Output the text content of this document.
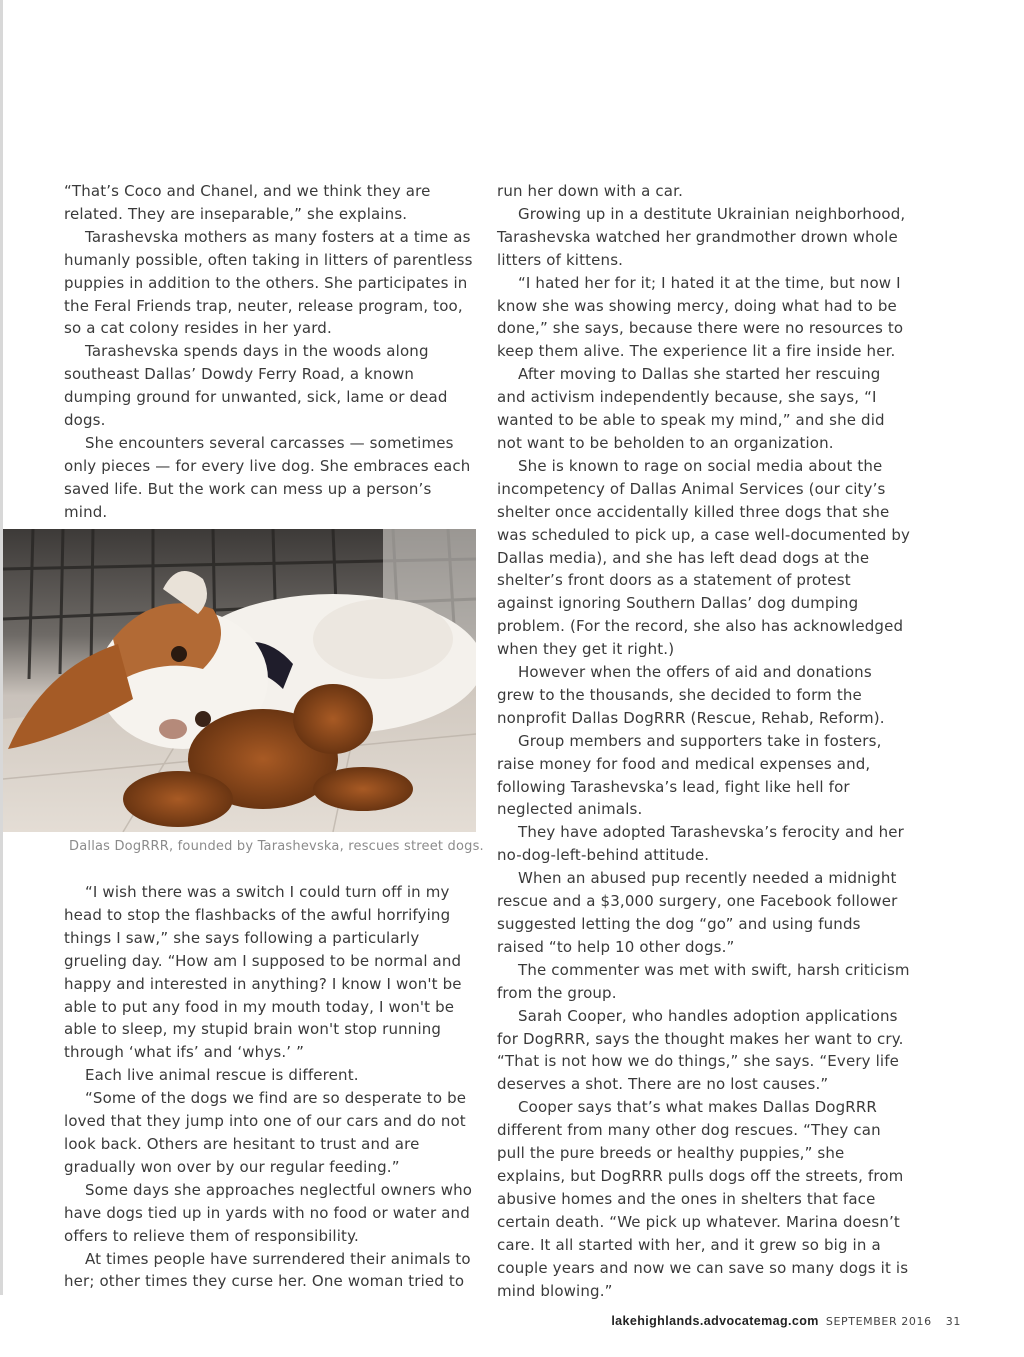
“That’s Coco and Chanel, and we think they are related. They are inseparable,” she explains.

Tarashevska mothers as many fosters at a time as humanly possible, often taking in litters of parentless puppies in addition to the others. She participates in the Feral Friends trap, neuter, release program, too, so a cat colony resides in her yard.

Tarashevska spends days in the woods along southeast Dallas’ Dowdy Ferry Road, a known dumping ground for unwanted, sick, lame or dead dogs.

She encounters several carcasses — sometimes only pieces — for every live dog. She embraces each saved life. But the work can mess up a person’s mind.

Dallas DogRRR, founded by Tarashevska, rescues street dogs.

“I wish there was a switch I could turn off in my head to stop the flashbacks of the awful horrifying things I saw,” she says following a particularly grueling day. “How am I supposed to be normal and happy and interested in anything? I know I won't be able to put any food in my mouth today, I won't be able to sleep, my stupid brain won't stop running through ‘what ifs’ and ‘whys.’ ”

Each live animal rescue is different.

“Some of the dogs we find are so desperate to be loved that they jump into one of our cars and do not look back. Others are hesitant to trust and are gradually won over by our regular feeding.”

Some days she approaches neglectful owners who have dogs tied up in yards with no food or water and offers to relieve them of responsibility.

At times people have surrendered their animals to her; other times they curse her. One woman tried to

run her down with a car.

Growing up in a destitute Ukrainian neighborhood, Tarashevska watched her grandmother drown whole litters of kittens.

“I hated her for it; I hated it at the time, but now I know she was showing mercy, doing what had to be done,” she says, because there were no resources to keep them alive. The experience lit a fire inside her.

After moving to Dallas she started her rescuing and activism independently because, she says, “I wanted to be able to speak my mind,” and she did not want to be beholden to an organization.

She is known to rage on social media about the incompetency of Dallas Animal Services (our city’s shelter once accidentally killed three dogs that she was scheduled to pick up, a case well-documented by Dallas media), and she has left dead dogs at the shelter’s front doors as a statement of protest against ignoring Southern Dallas’ dog dumping problem. (For the record, she also has acknowledged when they get it right.)

However when the offers of aid and donations grew to the thousands, she decided to form the nonprofit Dallas DogRRR (Rescue, Rehab, Reform).

Group members and supporters take in fosters, raise money for food and medical expenses and, following Tarashevska’s lead, fight like hell for neglected animals.

They have adopted Tarashevska’s ferocity and her no-dog-left-behind attitude.

When an abused pup recently needed a midnight rescue and a $3,000 surgery, one Facebook follower suggested letting the dog “go” and using funds raised “to help 10 other dogs.”

The commenter was met with swift, harsh criticism from the group.

Sarah Cooper, who handles adoption applications for DogRRR, says the thought makes her want to cry. “That is not how we do things,” she says. “Every life deserves a shot. There are no lost causes.”

Cooper says that’s what makes Dallas DogRRR different from many other dog rescues. “They can pull the pure breeds or healthy puppies,” she explains, but DogRRR pulls dogs off the streets, from abusive homes and the ones in shelters that face certain death. “We pick up whatever. Marina doesn’t care. It all started with her, and it grew so big in a couple years and now we can save so many dogs it is mind blowing.”

lakehighlands.advocatemag.com SEPTEMBER 2016 31
